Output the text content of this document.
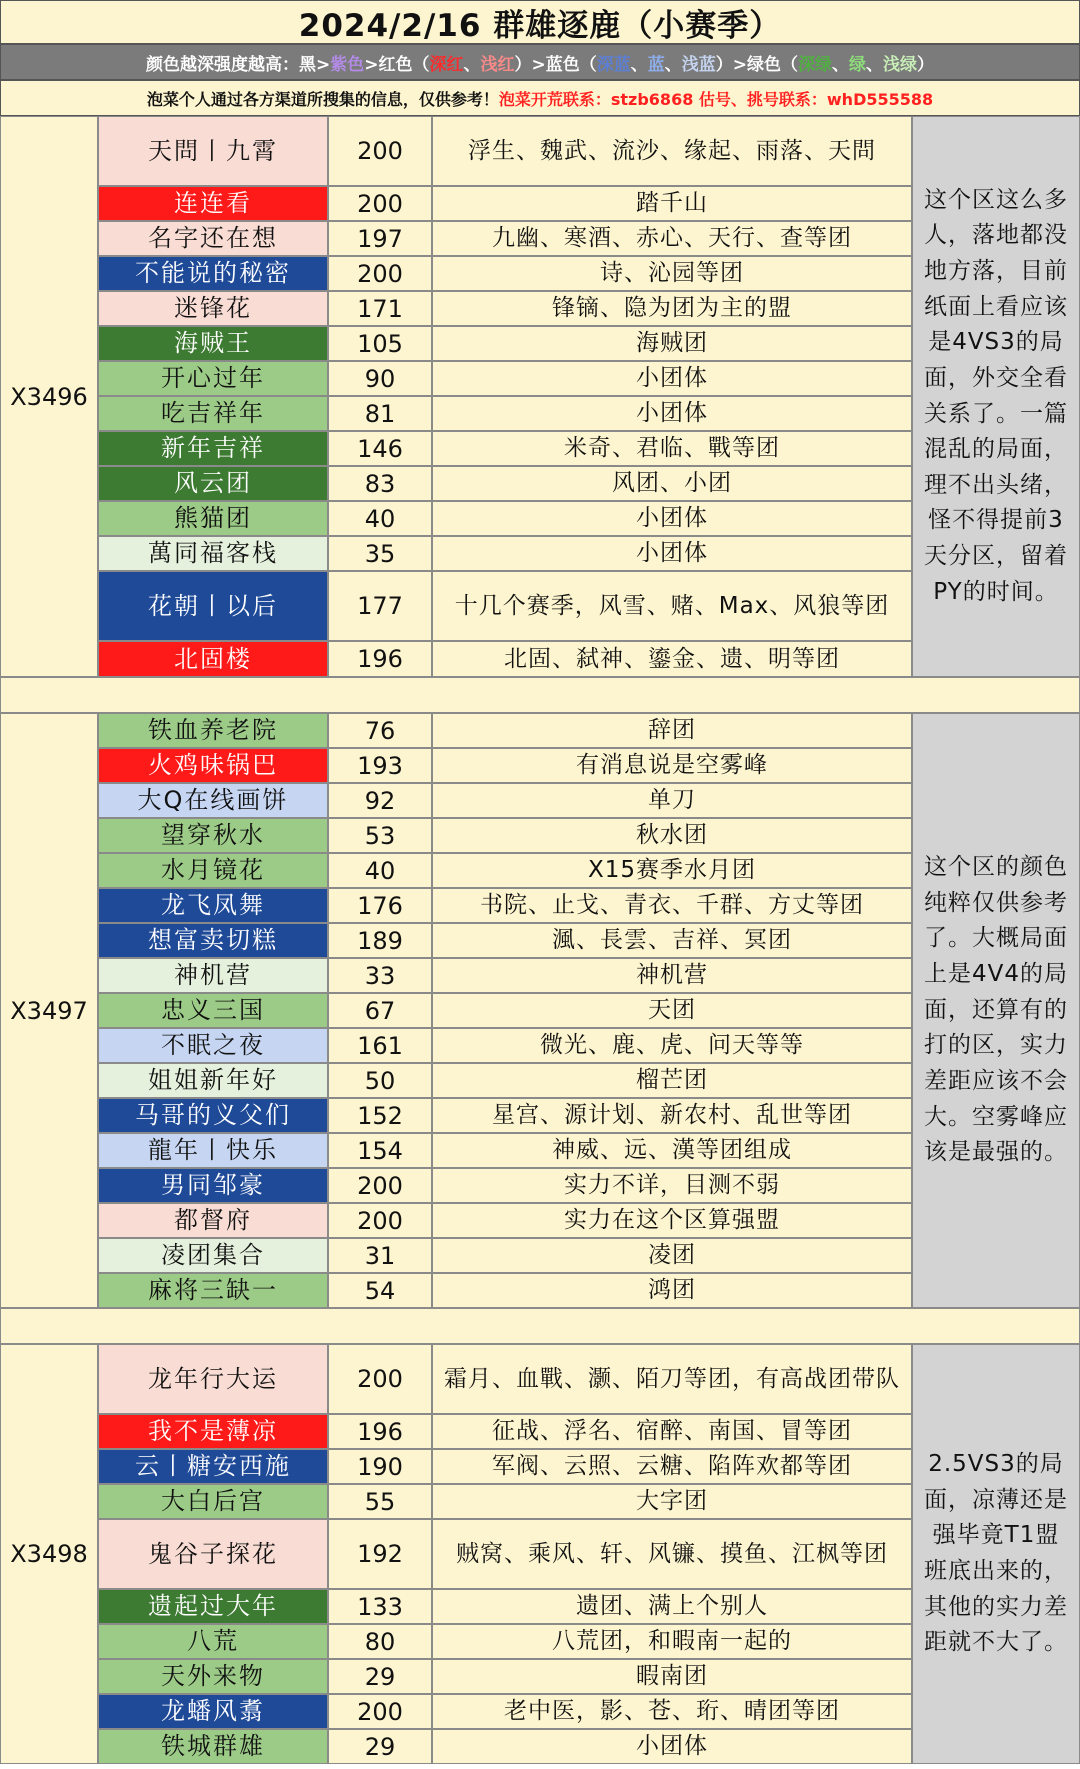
2024/2/16 群雄逐鹿（小赛季）
颜色越深强度越高：黑> 紫色 >红色（ 深红 、 浅红 ）>蓝色（ 深蓝 、 蓝 、 浅蓝 ）>绿色（ 深绿 、 绿 、 浅绿 ）
泡菜个人通过各方渠道所搜集的信息，仅供参考！ 泡菜开荒联系：stzb6868 估号、挑号联系：whD555588
X3496
天問丨九霄	200	浮生、魏武、流沙、缘起、雨落、天問
连连看	200	踏千山
名字还在想	197	九幽、寒酒、赤心、天行、查等团
不能说的秘密	200	诗、沁园等团
迷锋花	171	锋镝、隐为团为主的盟
海贼王	105	海贼团
开心过年	90	小团体
吃吉祥年	81	小团体
新年吉祥	146	米奇、君临、戰等团
风云团	83	风团、小团
熊猫团	40	小团体
萬同福客栈	35	小团体
花朝丨以后	177	十几个赛季，风雪、赌、Max、风狼等团
北固楼	196	北固、弑神、鎏金、遗、明等团
这个区这么多人，落地都没地方落，目前纸面上看应该是4VS3的局面，外交全看关系了。一篇混乱的局面，理不出头绪，怪不得提前3天分区，留着PY的时间。
X3497
铁血养老院	76	辞团
火鸡味锅巴	193	有消息说是空雾峰
大Q在线画饼	92	单刀
望穿秋水	53	秋水团
水月镜花	40	X15赛季水月团
龙飞凤舞	176	书院、止戈、青衣、千群、方丈等团
想富卖切糕	189	渢、長雲、吉祥、冥团
神机营	33	神机营
忠义三国	67	天团
不眠之夜	161	微光、鹿、虎、问天等等
姐姐新年好	50	榴芒团
马哥的义父们	152	星宫、源计划、新农村、乱世等团
龍年丨快乐	154	神威、远、漢等团组成
男同邹豪	200	实力不详，目测不弱
都督府	200	实力在这个区算强盟
凌团集合	31	凌团
麻将三缺一	54	鸿团
这个区的颜色纯粹仅供参考了。大概局面上是4V4的局面，还算有的打的区，实力差距应该不会大。空雾峰应该是最强的。
X3498
龙年行大运	200	霜月、血戰、灏、陌刀等团，有高战团带队
我不是薄凉	196	征战、浮名、宿醉、南国、冒等团
云丨糖安西施	190	军阀、云照、云糖、陷阵欢都等团
大白后宫	55	大字团
鬼谷子探花	192	贼窝、乘风、轩、风镰、摸鱼、江枫等团
遗起过大年	133	遗团、满上个别人
八荒	80	八荒团，和暇南一起的
天外来物	29	暇南团
龙蟠风翥	200	老中医，影、苍、珩、晴团等团
铁城群雄	29	小团体
2.5VS3的局面，凉薄还是强毕竟T1盟班底出来的，其他的实力差距就不大了。
